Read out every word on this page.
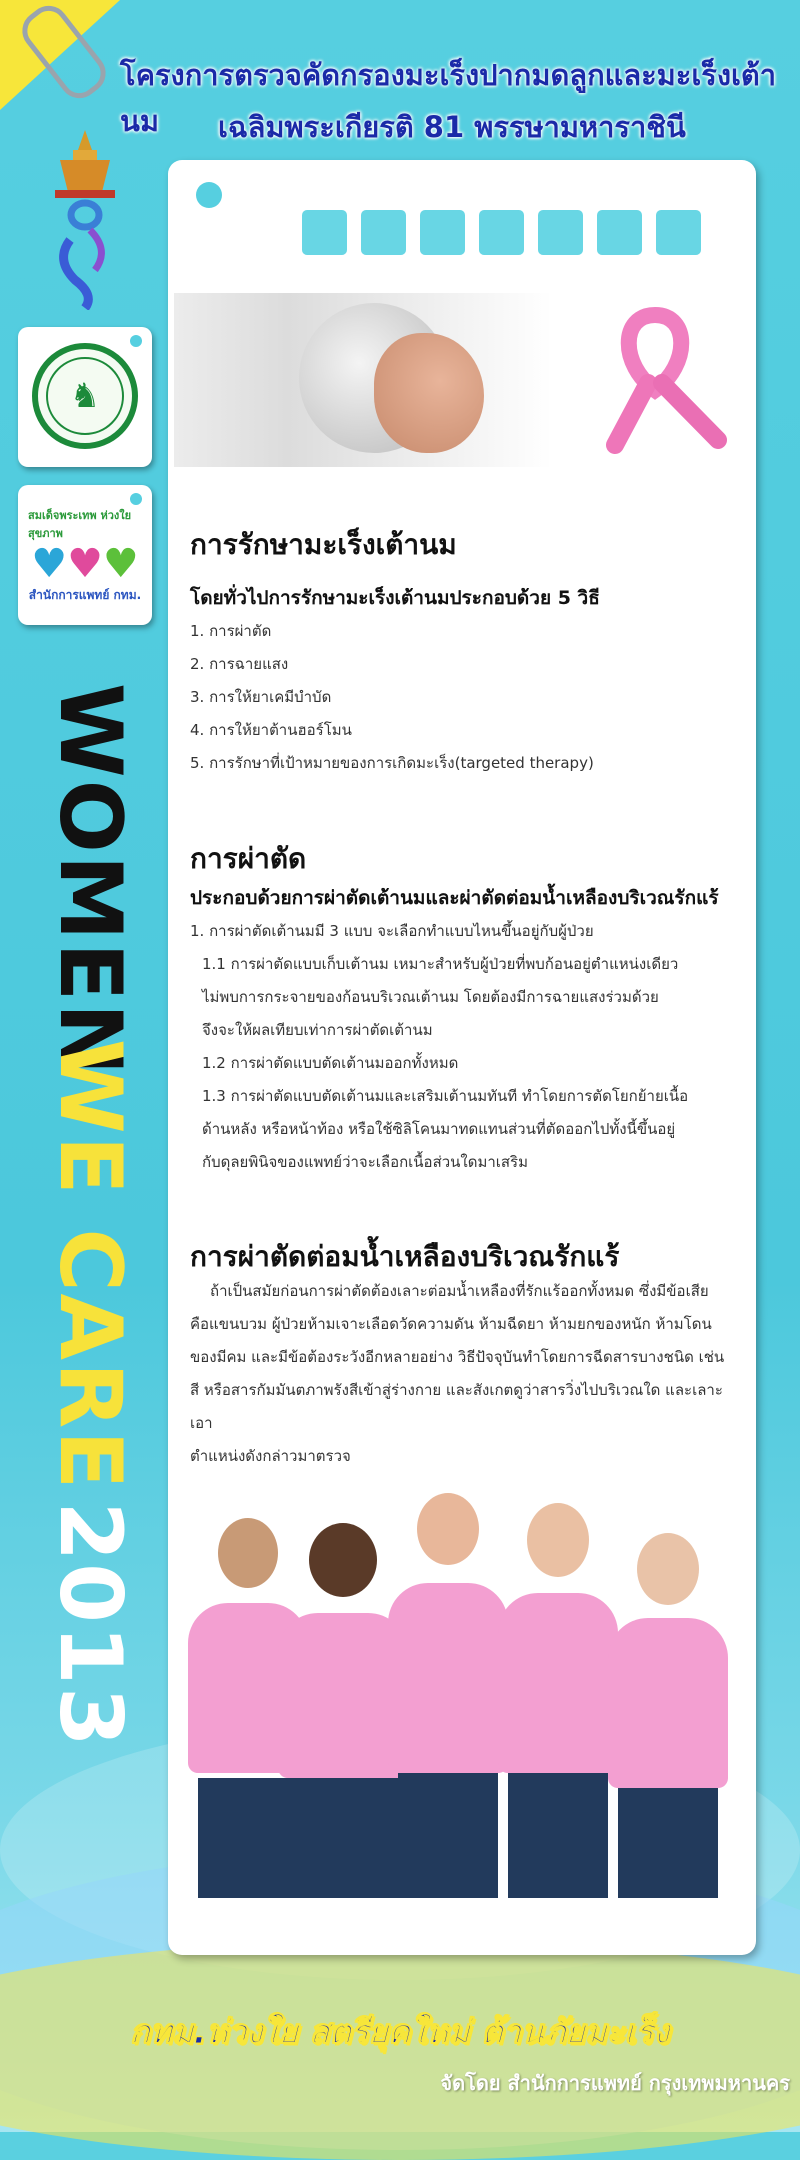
โครงการตรวจคัดกรองมะเร็งปากมดลูกและมะเร็งเต้านม	เฉลิมพระเกียรติ 81 พรรษามหาราชินี
♞
สมเด็จพระเทพ ห่วงใยสุขภาพ
♥♥♥
สำนักการแพทย์ กทม.
WOMEN
WE CARE
2013
การรักษามะเร็งเต้านม
โดยทั่วไปการรักษามะเร็งเต้านมประกอบด้วย 5 วิธี
1. การผ่าตัด
2. การฉายแสง
3. การให้ยาเคมีบำบัด
4. การให้ยาต้านฮอร์โมน
5. การรักษาที่เป้าหมายของการเกิดมะเร็ง(targeted therapy)
การผ่าตัด
ประกอบด้วยการผ่าตัดเต้านมและผ่าตัดต่อมน้ำเหลืองบริเวณรักแร้
1. การผ่าตัดเต้านมมี 3 แบบ จะเลือกทำแบบไหนขึ้นอยู่กับผู้ป่วย
1.1 การผ่าตัดแบบเก็บเต้านม เหมาะสำหรับผู้ป่วยที่พบก้อนอยู่ตำแหน่งเดียว
ไม่พบการกระจายของก้อนบริเวณเต้านม โดยต้องมีการฉายแสงร่วมด้วย
จึงจะให้ผลเทียบเท่าการผ่าตัดเต้านม
1.2 การผ่าตัดแบบตัดเต้านมออกทั้งหมด
1.3 การผ่าตัดแบบตัดเต้านมและเสริมเต้านมทันที ทำโดยการตัดโยกย้ายเนื้อ
ด้านหลัง หรือหน้าท้อง หรือใช้ซิลิโคนมาทดแทนส่วนที่ตัดออกไปทั้งนี้ขึ้นอยู่
กับดุลยพินิจของแพทย์ว่าจะเลือกเนื้อส่วนใดมาเสริม
การผ่าตัดต่อมน้ำเหลืองบริเวณรักแร้
ถ้าเป็นสมัยก่อนการผ่าตัดต้องเลาะต่อมน้ำเหลืองที่รักแร้ออกทั้งหมด ซึ่งมีข้อเสีย
คือแขนบวม ผู้ป่วยห้ามเจาะเลือดวัดความดัน ห้ามฉีดยา ห้ามยกของหนัก ห้ามโดน
ของมีคม และมีข้อต้องระวังอีกหลายอย่าง วิธีปัจจุบันทำโดยการฉีดสารบางชนิด เช่น
สี หรือสารกัมมันตภาพรังสีเข้าสู่ร่างกาย และสังเกตดูว่าสารวิ่งไปบริเวณใด และเลาะเอา
ตำแหน่งดังกล่าวมาตรวจ
กทม.ห่วงใย สตรียุคใหม่ ต้านภัยมะเร็ง
จัดโดย สำนักการแพทย์ กรุงเทพมหานคร
